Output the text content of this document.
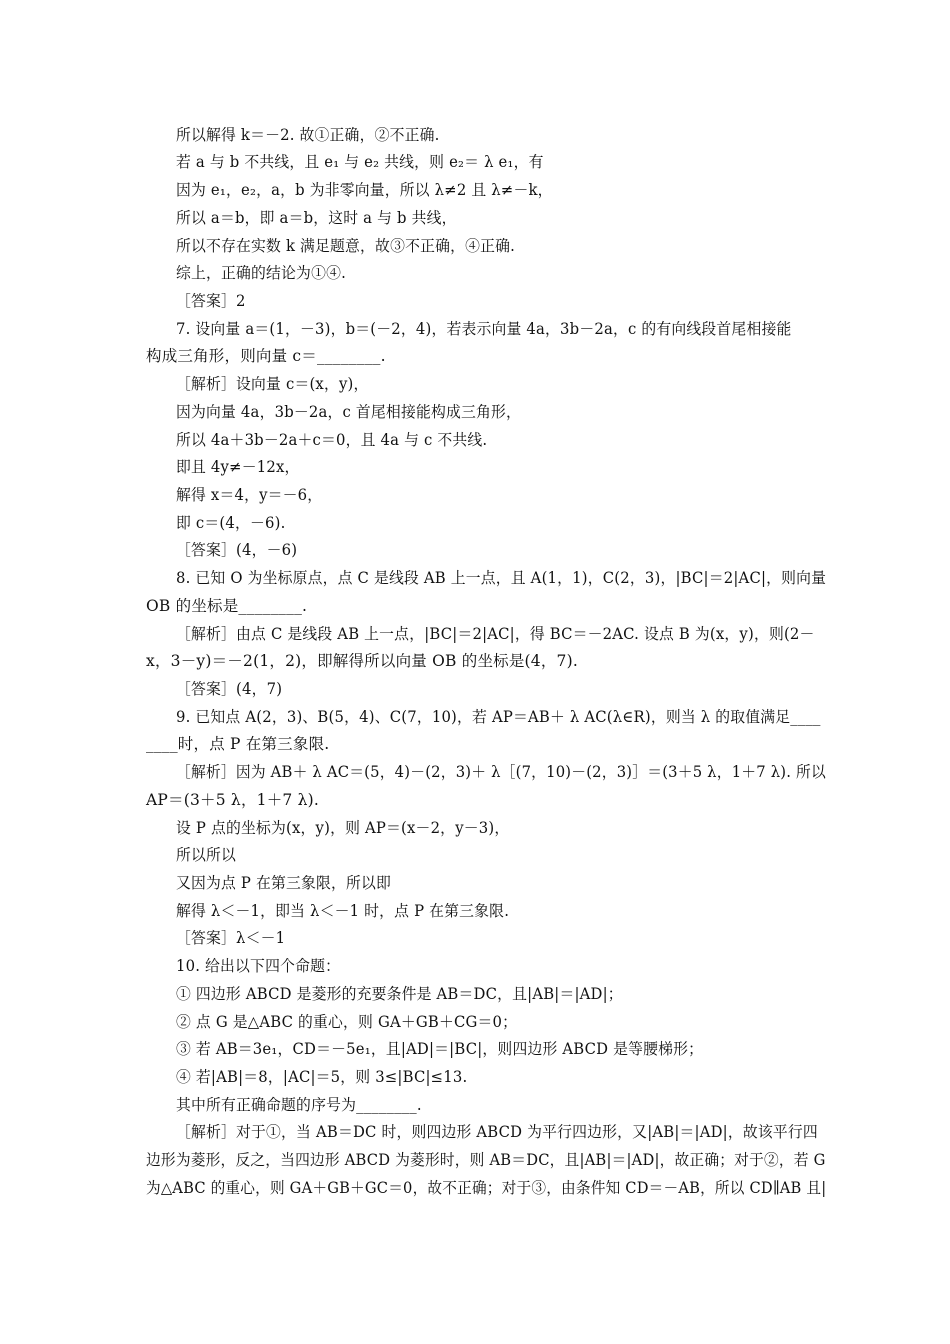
所以解得 k＝－2. 故①正确，②不正确.
若 a 与 b 不共线，且 e₁ 与 e₂ 共线，则 e₂＝ λ e₁，有
因为 e₁，e₂，a，b 为非零向量，所以 λ≠2 且 λ≠－k，
所以 a＝b，即 a＝b，这时 a 与 b 共线，
所以不存在实数 k 满足题意，故③不正确，④正确.
综上，正确的结论为①④.
［答案］2
7. 设向量 a＝(1，－3)，b＝(－2，4)，若表示向量 4a，3b－2a，c 的有向线段首尾相接能
构成三角形，则向量 c＝________.
［解析］设向量 c＝(x，y)，
因为向量 4a，3b－2a，c 首尾相接能构成三角形，
所以 4a＋3b－2a＋c＝0，且 4a 与 c 不共线.
即且 4y≠－12x，
解得 x＝4，y＝－6，
即 c＝(4，－6).
［答案］(4，－6)
8. 已知 O 为坐标原点，点 C 是线段 AB 上一点，且 A(1，1)，C(2，3)，|BC|＝2|AC|，则向量
OB 的坐标是________.
［解析］由点 C 是线段 AB 上一点，|BC|＝2|AC|，得 BC＝－2AC. 设点 B 为(x，y)，则(2－
x，3－y)＝－2(1，2)，即解得所以向量 OB 的坐标是(4，7).
［答案］(4，7)
9. 已知点 A(2，3)、B(5，4)、C(7，10)，若 AP＝AB＋ λ AC(λ∈R)，则当 λ 的取值满足____
____时，点 P 在第三象限.
［解析］因为 AB＋ λ AC＝(5，4)－(2，3)＋ λ［(7，10)－(2，3)］＝(3＋5 λ，1＋7 λ). 所以
AP＝(3＋5 λ，1＋7 λ).
设 P 点的坐标为(x，y)，则 AP＝(x－2，y－3)，
所以所以
又因为点 P 在第三象限，所以即
解得 λ＜－1，即当 λ＜－1 时，点 P 在第三象限.
［答案］λ＜－1
10. 给出以下四个命题：
① 四边形 ABCD 是菱形的充要条件是 AB＝DC，且|AB|＝|AD|；
② 点 G 是△ABC 的重心，则 GA＋GB＋CG＝0；
③ 若 AB＝3e₁，CD＝－5e₁，且|AD|＝|BC|，则四边形 ABCD 是等腰梯形；
④ 若|AB|＝8，|AC|＝5，则 3≤|BC|≤13.
其中所有正确命题的序号为________.
［解析］对于①，当 AB＝DC 时，则四边形 ABCD 为平行四边形，又|AB|＝|AD|，故该平行四
边形为菱形，反之，当四边形 ABCD 为菱形时，则 AB＝DC，且|AB|＝|AD|，故正确；对于②，若 G
为△ABC 的重心，则 GA＋GB＋GC＝0，故不正确；对于③，由条件知 CD＝－AB，所以 CD∥AB 且|
